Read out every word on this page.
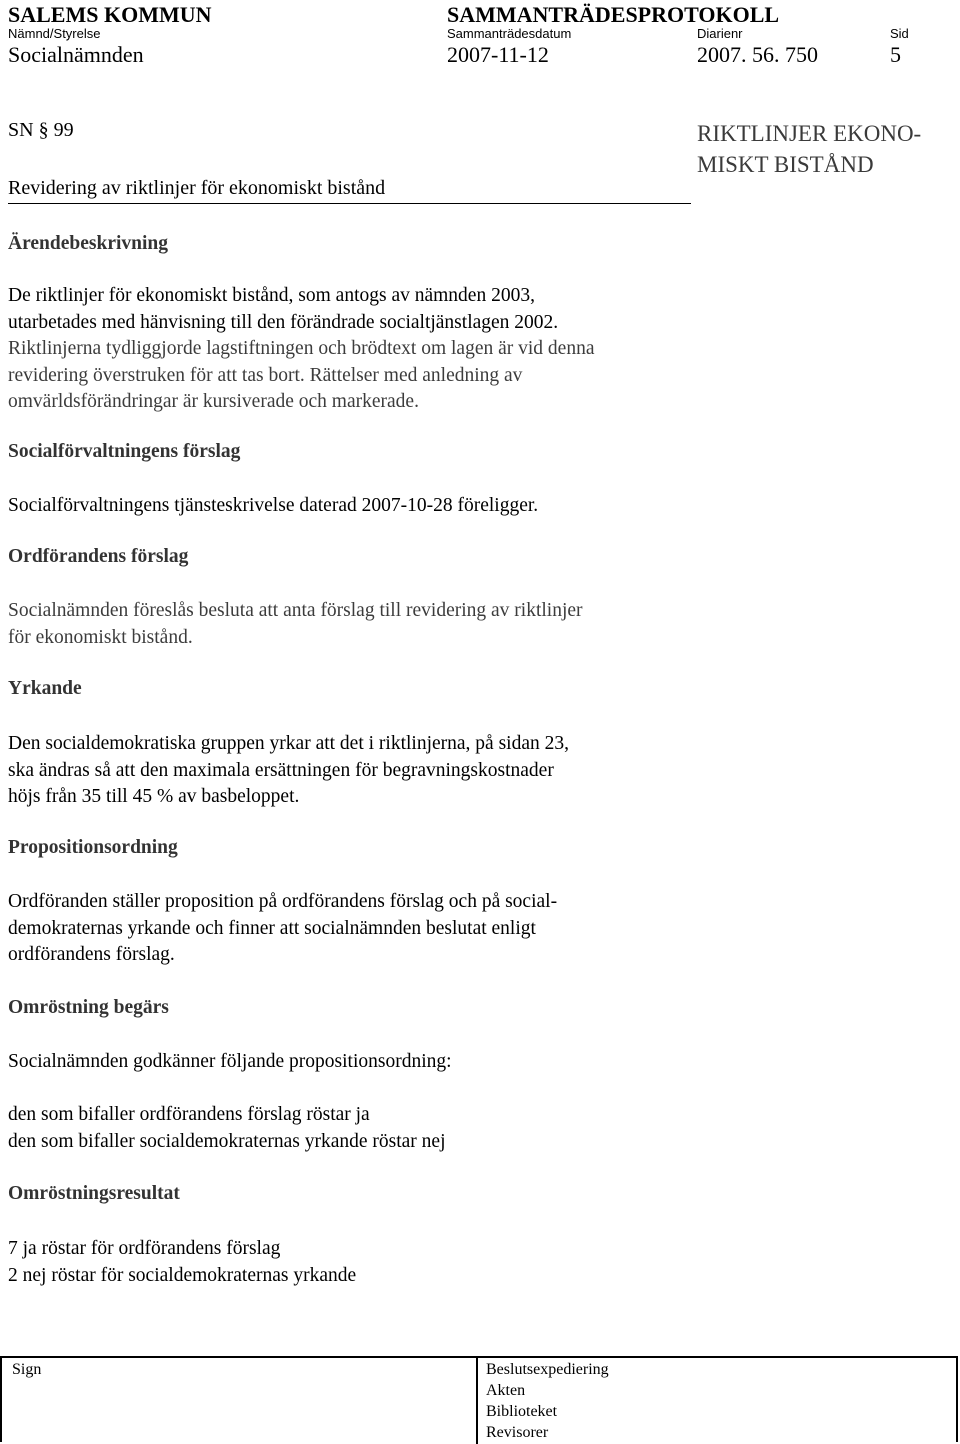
SALEMS KOMMUN	SAMMANTRÄDESPROTOKOLL
Nämnd/Styrelse	Sammanträdesdatum	Diarienr	Sid
Socialnämnden	2007-11-12	2007. 56. 750	5
SN § 99
Revidering av riktlinjer för ekonomiskt bistånd
RIKTLINJER EKONO-MISKT BISTÅND
Ärendebeskrivning
De riktlinjer för ekonomiskt bistånd, som antogs av nämnden 2003,
utarbetades med hänvisning till den förändrade socialtjänstlagen 2002.
Riktlinjerna tydliggjorde lagstiftningen och brödtext om lagen är vid denna
revidering överstruken för att tas bort. Rättelser med anledning av
omvärldsförändringar är kursiverade och markerade.
Socialförvaltningens förslag
Socialförvaltningens tjänsteskrivelse daterad 2007-10-28 föreligger.
Ordförandens förslag
Socialnämnden föreslås besluta att anta förslag till revidering av riktlinjer
för ekonomiskt bistånd.
Yrkande
Den socialdemokratiska gruppen yrkar att det i riktlinjerna, på sidan 23,
ska ändras så att den maximala ersättningen för begravningskostnader
höjs från 35 till 45 % av basbeloppet.
Propositionsordning
Ordföranden ställer proposition på ordförandens förslag och på social-
demokraternas yrkande och finner att socialnämnden beslutat enligt
ordförandens förslag.
Omröstning begärs
Socialnämnden godkänner följande propositionsordning:
den som bifaller ordförandens förslag röstar ja
den som bifaller socialdemokraternas yrkande röstar nej
Omröstningsresultat
7 ja röstar för ordförandens förslag
2 nej röstar för socialdemokraternas yrkande
Sign	Beslutsexpediering
Akten
Biblioteket
Revisorer
